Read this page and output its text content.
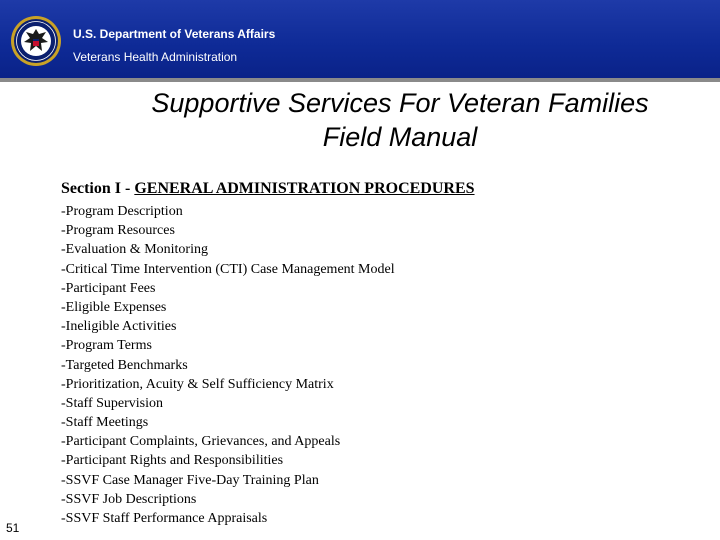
U.S. Department of Veterans Affairs
Veterans Health Administration
Supportive Services For Veteran Families
Field Manual
Section I - GENERAL ADMINISTRATION PROCEDURES
-Program Description
-Program Resources
-Evaluation & Monitoring
-Critical Time Intervention (CTI) Case Management Model
-Participant Fees
-Eligible Expenses
-Ineligible Activities
-Program Terms
-Targeted Benchmarks
-Prioritization, Acuity & Self Sufficiency Matrix
-Staff Supervision
-Staff Meetings
-Participant Complaints, Grievances, and Appeals
-Participant Rights and Responsibilities
-SSVF Case Manager Five-Day Training Plan
-SSVF Job Descriptions
-SSVF Staff Performance Appraisals
51
